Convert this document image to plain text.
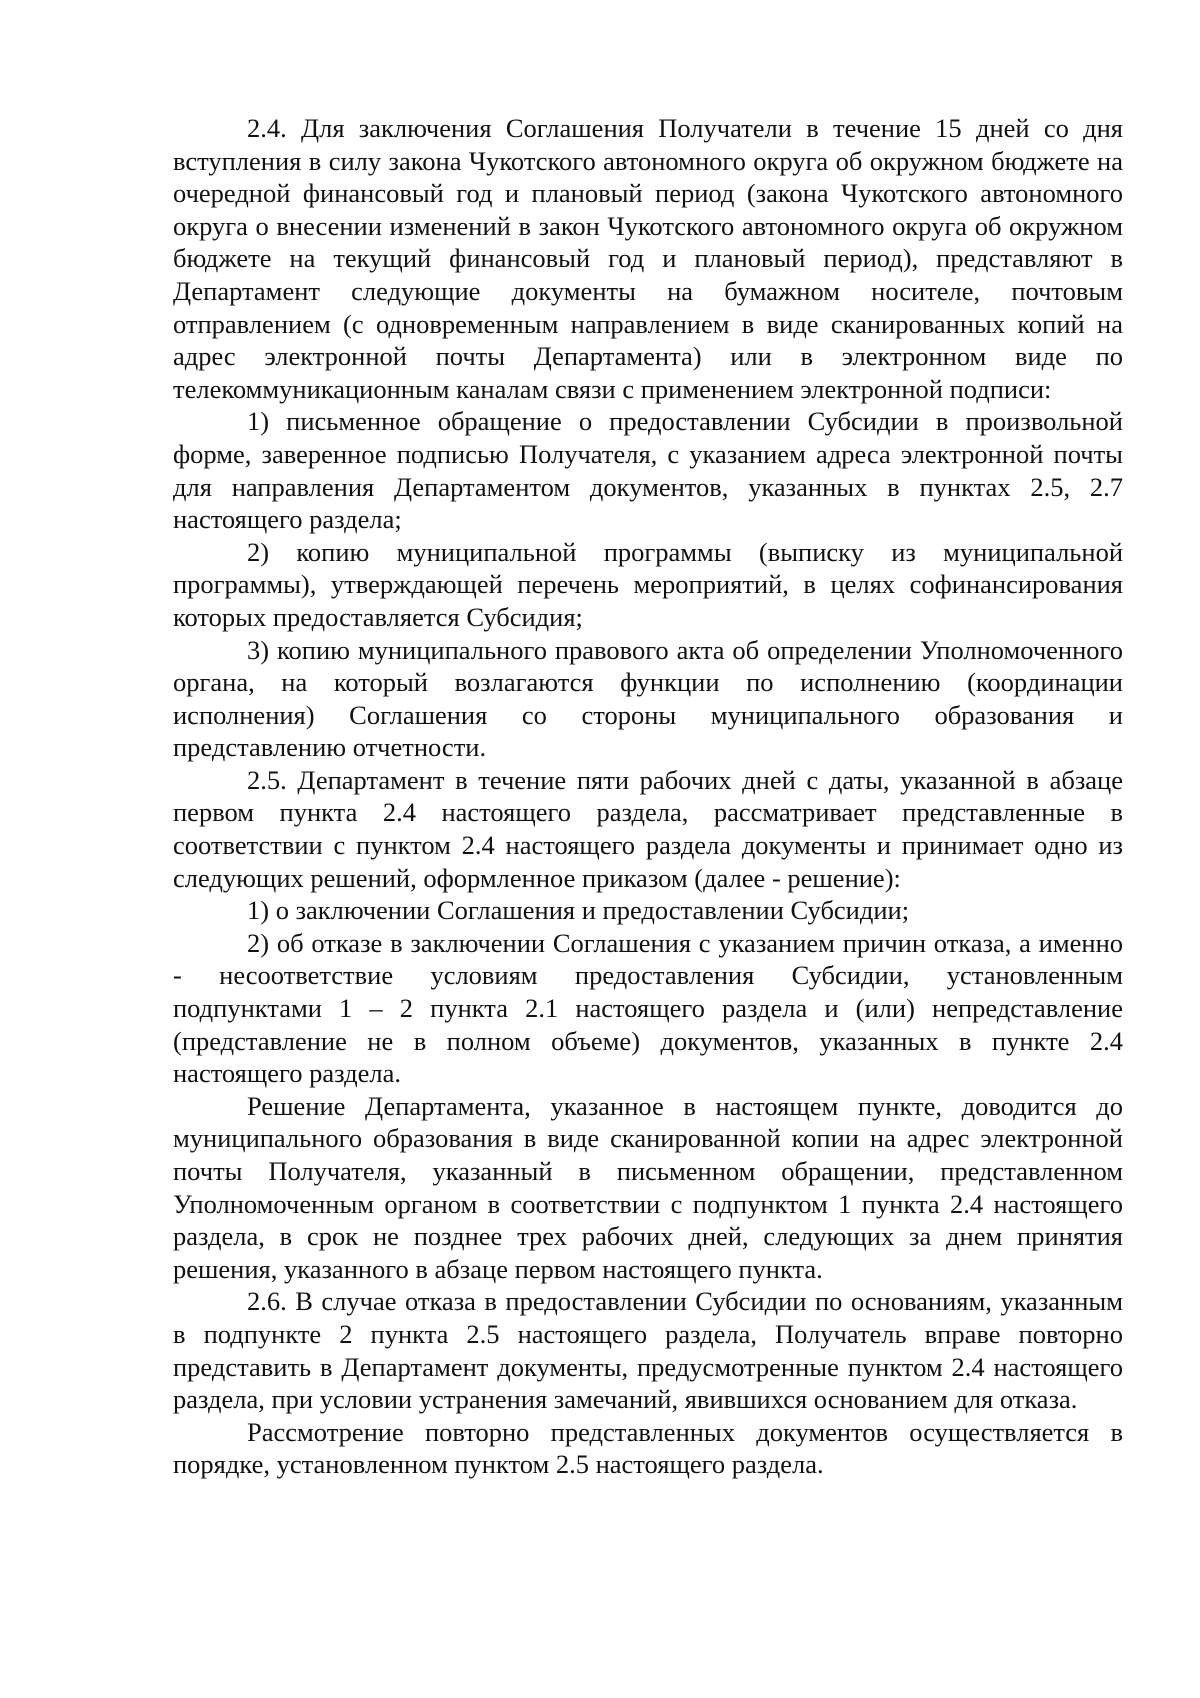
2.4. Для заключения Соглашения Получатели в течение 15 дней со дня вступления в силу закона Чукотского автономного округа об окружном бюджете на очередной финансовый год и плановый период (закона Чукотского автономного округа о внесении изменений в закон Чукотского автономного округа об окружном бюджете на текущий финансовый год и плановый период), представляют в Департамент следующие документы на бумажном носителе, почтовым отправлением (с одновременным направлением в виде сканированных копий на адрес электронной почты Департамента) или в электронном виде по телекоммуникационным каналам связи с применением электронной подписи:

1) письменное обращение о предоставлении Субсидии в произвольной форме, заверенное подписью Получателя, с указанием адреса электронной почты для направления Департаментом документов, указанных в пунктах 2.5, 2.7 настоящего раздела;

2) копию муниципальной программы (выписку из муниципальной программы), утверждающей перечень мероприятий, в целях софинансирования которых предоставляется Субсидия;

3) копию муниципального правового акта об определении Уполномоченного органа, на который возлагаются функции по исполнению (координации исполнения) Соглашения со стороны муниципального образования и представлению отчетности.

2.5. Департамент в течение пяти рабочих дней с даты, указанной в абзаце первом пункта 2.4 настоящего раздела, рассматривает представленные в соответствии с пунктом 2.4 настоящего раздела документы и принимает одно из следующих решений, оформленное приказом (далее - решение):

1) о заключении Соглашения и предоставлении Субсидии;

2) об отказе в заключении Соглашения с указанием причин отказа, а именно - несоответствие условиям предоставления Субсидии, установленным подпунктами 1 – 2 пункта 2.1 настоящего раздела и (или) непредставление (представление не в полном объеме) документов, указанных в пункте 2.4 настоящего раздела.

Решение Департамента, указанное в настоящем пункте, доводится до муниципального образования в виде сканированной копии на адрес электронной почты Получателя, указанный в письменном обращении, представленном Уполномоченным органом в соответствии с подпунктом 1 пункта 2.4 настоящего раздела, в срок не позднее трех рабочих дней, следующих за днем принятия решения, указанного в абзаце первом настоящего пункта.

2.6. В случае отказа в предоставлении Субсидии по основаниям, указанным в подпункте 2 пункта 2.5 настоящего раздела, Получатель вправе повторно представить в Департамент документы, предусмотренные пунктом 2.4 настоящего раздела, при условии устранения замечаний, явившихся основанием для отказа.

Рассмотрение повторно представленных документов осуществляется в порядке, установленном пунктом 2.5 настоящего раздела.
